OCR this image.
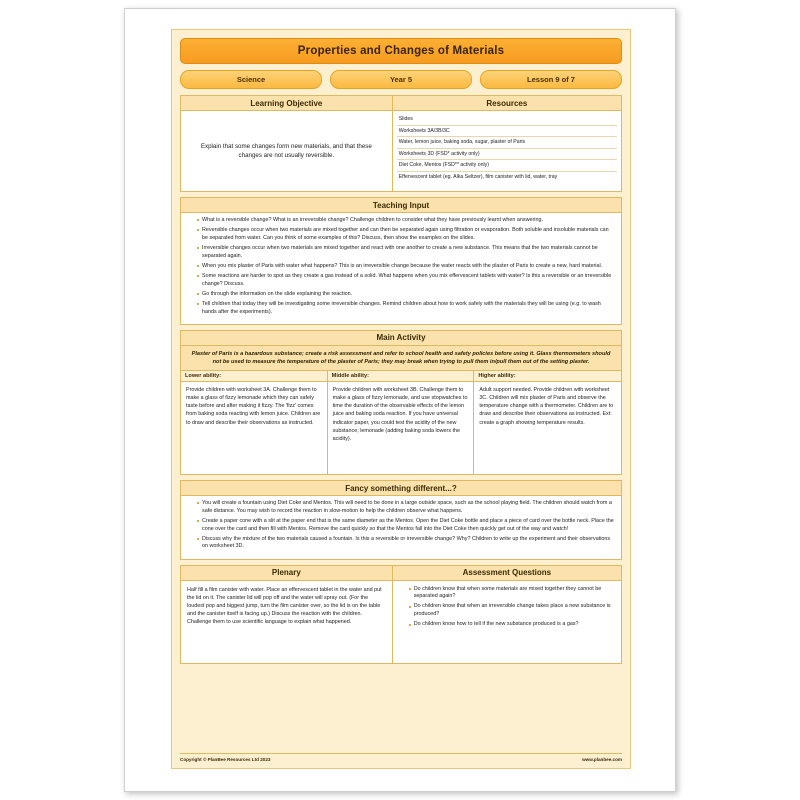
Properties and Changes of Materials
Science	Year 5	Lesson 9 of 7
Learning Objective
Explain that some changes form new materials, and that these changes are not usually reversible.
Resources
Slides
Worksheets 3A/3B/3C
Water, lemon juice, baking soda, sugar, plaster of Paris
Worksheets 3D (FSD* activity only)
Diet Coke, Mentos (FSD** activity only)
Effervescent tablet (eg. Alka Seltzer), film canister with lid, water, tray
Teaching Input
What is a reversible change? What is an irreversible change? Challenge children to consider what they have previously learnt when answering.
Reversible changes occur when two materials are mixed together and can then be separated again using filtration or evaporation. Both soluble and insoluble materials can be separated from water. Can you think of some examples of this? Discuss, then show the examples on the slides.
Irreversible changes occur when two materials are mixed together and react with one another to create a new substance. This means that the two materials cannot be separated again.
When you mix plaster of Paris with water what happens? This is an irreversible change because the water reacts with the plaster of Paris to create a new, hard material.
Some reactions are harder to spot as they create a gas instead of a solid. What happens when you mix effervescent tablets with water? Is this a reversible or an irreversible change? Discuss.
Go through the information on the slide explaining the reaction.
Tell children that today they will be investigating some irreversible changes. Remind children about how to work safely with the materials they will be using (e.g. to wash hands after the experiments).
Main Activity
Plaster of Paris is a hazardous substance; create a risk assessment and refer to school health and safety policies before using it. Glass thermometers should not be used to measure the temperature of the plaster of Paris; they may break when trying to pull them in/pull them out of the setting plaster.
Lower ability:
Provide children with worksheet 3A. Challenge them to make a glass of fizzy lemonade which they can safely taste before and after making it fizzy. The 'fizz' comes from baking soda reacting with lemon juice. Children are to draw and describe their observations as instructed.
Middle ability:
Provide children with worksheet 3B. Challenge them to make a glass of fizzy lemonade, and use stopwatches to time the duration of the observable effects of the lemon juice and baking soda reaction. If you have universal indicator paper, you could test the acidity of the new substance; lemonade (adding baking soda lowers the acidity).
Higher ability:
Adult support needed. Provide children with worksheet 3C. Children will mix plaster of Paris and observe the temperature change with a thermometer. Children are to draw and describe their observations as instructed. Ext: create a graph showing temperature results.
Fancy something different...?
You will create a fountain using Diet Coke and Mentos. This will need to be done in a large outside space, such as the school playing field. The children should watch from a safe distance. You may wish to record the reaction in slow-motion to help the children observe what happens.
Create a paper cone with a slit at the paper end that is the same diameter as the Mentos. Open the Diet Coke bottle and place a piece of card over the bottle neck. Place the cone over the card and then fill with Mentos. Remove the card quickly so that the Mentos fall into the Diet Coke then quickly get out of the way and watch!
Discuss why the mixture of the two materials caused a fountain. Is this a reversible or irreversible change? Why? Children to write up the experiment and their observations on worksheet 3D.
Plenary
Half fill a film canister with water. Place an effervescent tablet in the water and put the lid on it. The canister lid will pop off and the water will spray out. (For the loudest pop and biggest jump, turn the film canister over, so the lid is on the table and the canister itself is facing up.) Discuss the reaction with the children. Challenge them to use scientific language to explain what happened.
Assessment Questions
Do children know that when some materials are mixed together they cannot be separated again?
Do children know that when an irreversible change takes place a new substance is produced?
Do children know how to tell if the new substance produced is a gas?
Copyright © PlanBee Resources Ltd 2023	www.planbee.com
